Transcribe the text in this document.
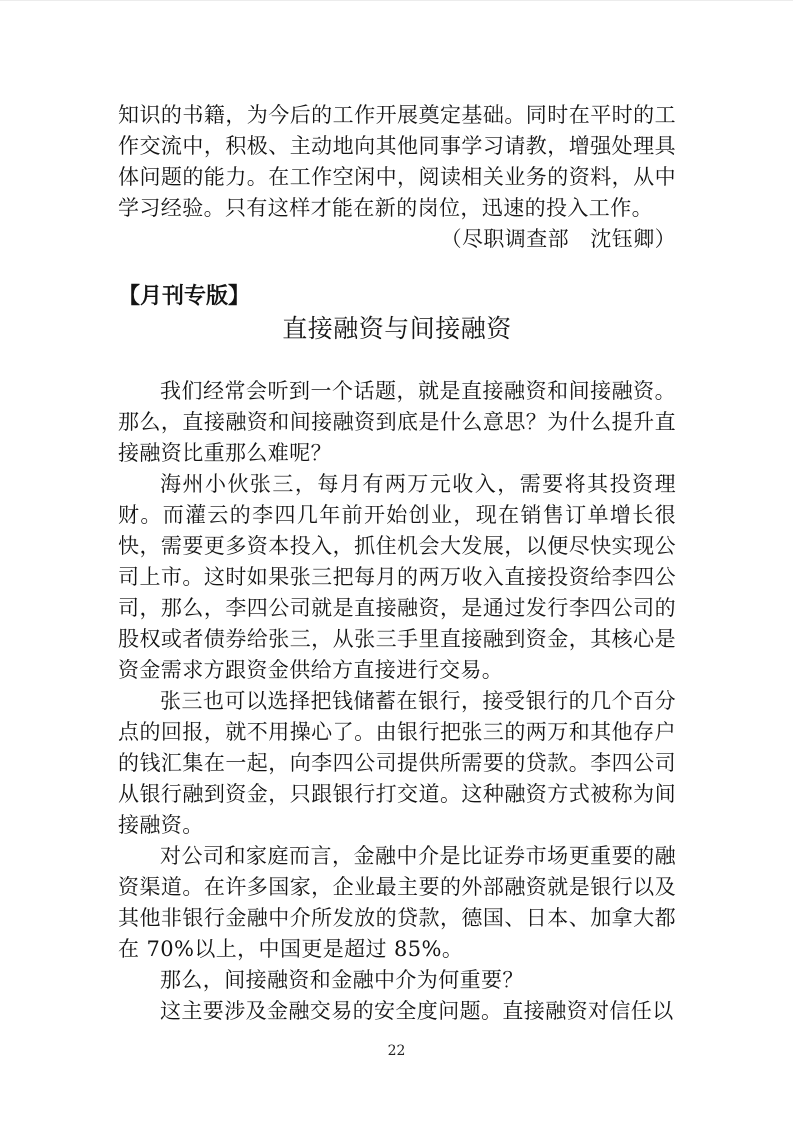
知识的书籍，为今后的工作开展奠定基础。同时在平时的工作交流中，积极、主动地向其他同事学习请教，增强处理具体问题的能力。在工作空闲中，阅读相关业务的资料，从中学习经验。只有这样才能在新的岗位，迅速的投入工作。

（尽职调查部　沈钰卿）

【月刊专版】
直接融资与间接融资

我们经常会听到一个话题，就是直接融资和间接融资。那么，直接融资和间接融资到底是什么意思？为什么提升直接融资比重那么难呢？

海州小伙张三，每月有两万元收入，需要将其投资理财。而灌云的李四几年前开始创业，现在销售订单增长很快，需要更多资本投入，抓住机会大发展，以便尽快实现公司上市。这时如果张三把每月的两万收入直接投资给李四公司，那么，李四公司就是直接融资，是通过发行李四公司的股权或者债券给张三，从张三手里直接融到资金，其核心是资金需求方跟资金供给方直接进行交易。

张三也可以选择把钱储蓄在银行，接受银行的几个百分点的回报，就不用操心了。由银行把张三的两万和其他存户的钱汇集在一起，向李四公司提供所需要的贷款。李四公司从银行融到资金，只跟银行打交道。这种融资方式被称为间接融资。

对公司和家庭而言，金融中介是比证券市场更重要的融资渠道。在许多国家，企业最主要的外部融资就是银行以及其他非银行金融中介所发放的贷款，德国、日本、加拿大都在 70%以上，中国更是超过 85%。

那么，间接融资和金融中介为何重要？

这主要涉及金融交易的安全度问题。直接融资对信任以

22
